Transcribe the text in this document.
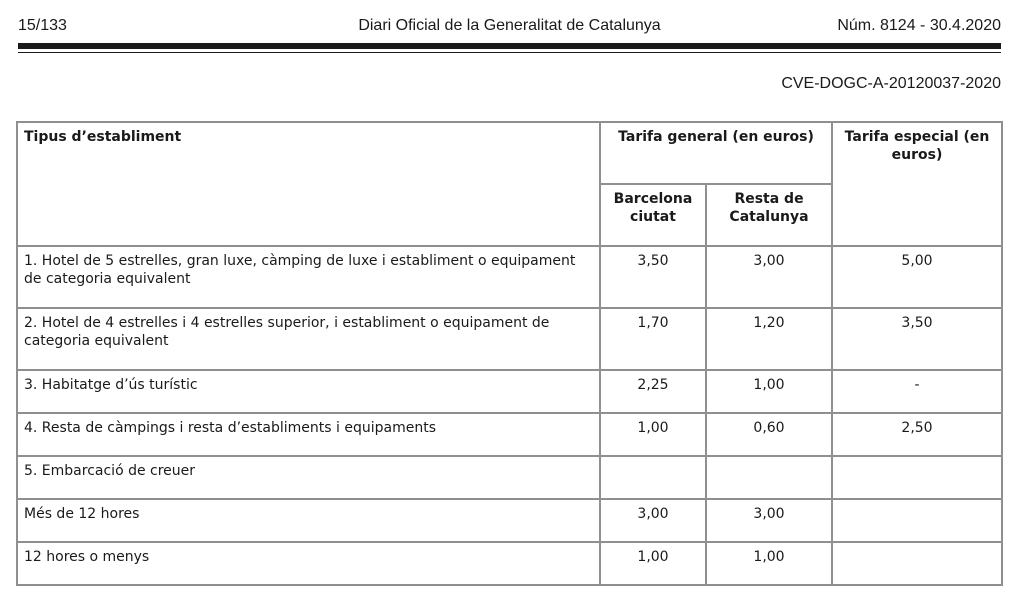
15/133	Diari Oficial de la Generalitat de Catalunya	Núm. 8124 - 30.4.2020
CVE-DOGC-A-20120037-2020
Tipus d’establiment	Tarifa general (en euros)		Tarifa especial (en euros)
	Barcelona ciutat	Resta de Catalunya	
1. Hotel de 5 estrelles, gran luxe, càmping de luxe i establiment o equipament de categoria equivalent	3,50	3,00	5,00
2. Hotel de 4 estrelles i 4 estrelles superior, i establiment o equipament de categoria equivalent	1,70	1,20	3,50
3. Habitatge d’ús turístic	2,25	1,00	-
4. Resta de càmpings i resta d’establiments i equipaments	1,00	0,60	2,50
5. Embarcació de creuer			
Més de 12 hores	3,00	3,00	
12 hores o menys	1,00	1,00	
